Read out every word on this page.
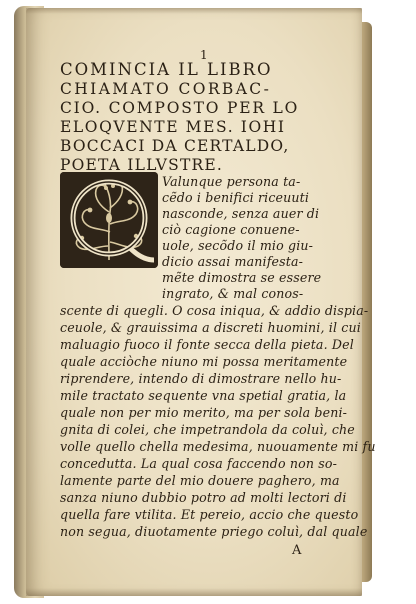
1
COMINCIA IL LIBRO
CHIAMATO CORBAC-
CIO. COMPOSTO PER LO
ELOQVENTE MES. IOHI
BOCCACI DA CERTALDO,
Valunque persona ta-
cẽdo i benifici riceuuti
nasconde, senza auer di
ciò cagione conuene-
uole, secõdo il mio giu-
dicio assai manifesta-
mẽte dimostra se essere
ingrato, & mal conos-
scente di quegli. O cosa iniqua, & addio dispia-
ceuole, & grauissima a discreti huomini, il cui
maluagio fuoco il fonte secca della pieta. Del
quale acciòche niuno mi possa meritamente
riprendere, intendo di dimostrare nello hu-
mile tractato sequente vna spetial gratia, la
quale non per mio merito, ma per sola beni-
gnita di colei, che impetrandola da coluì, che
volle quello chella medesima, nuouamente mi fu
concedutta. La qual cosa faccendo non so-
lamente parte del mio douere paghero, ma
sanza niuno dubbio potro ad molti lectori di
quella fare vtilita. Et pereio, accio che questo
non segua, diuotamente priego coluì, dal quale
A
POETA ILLVSTRE.
